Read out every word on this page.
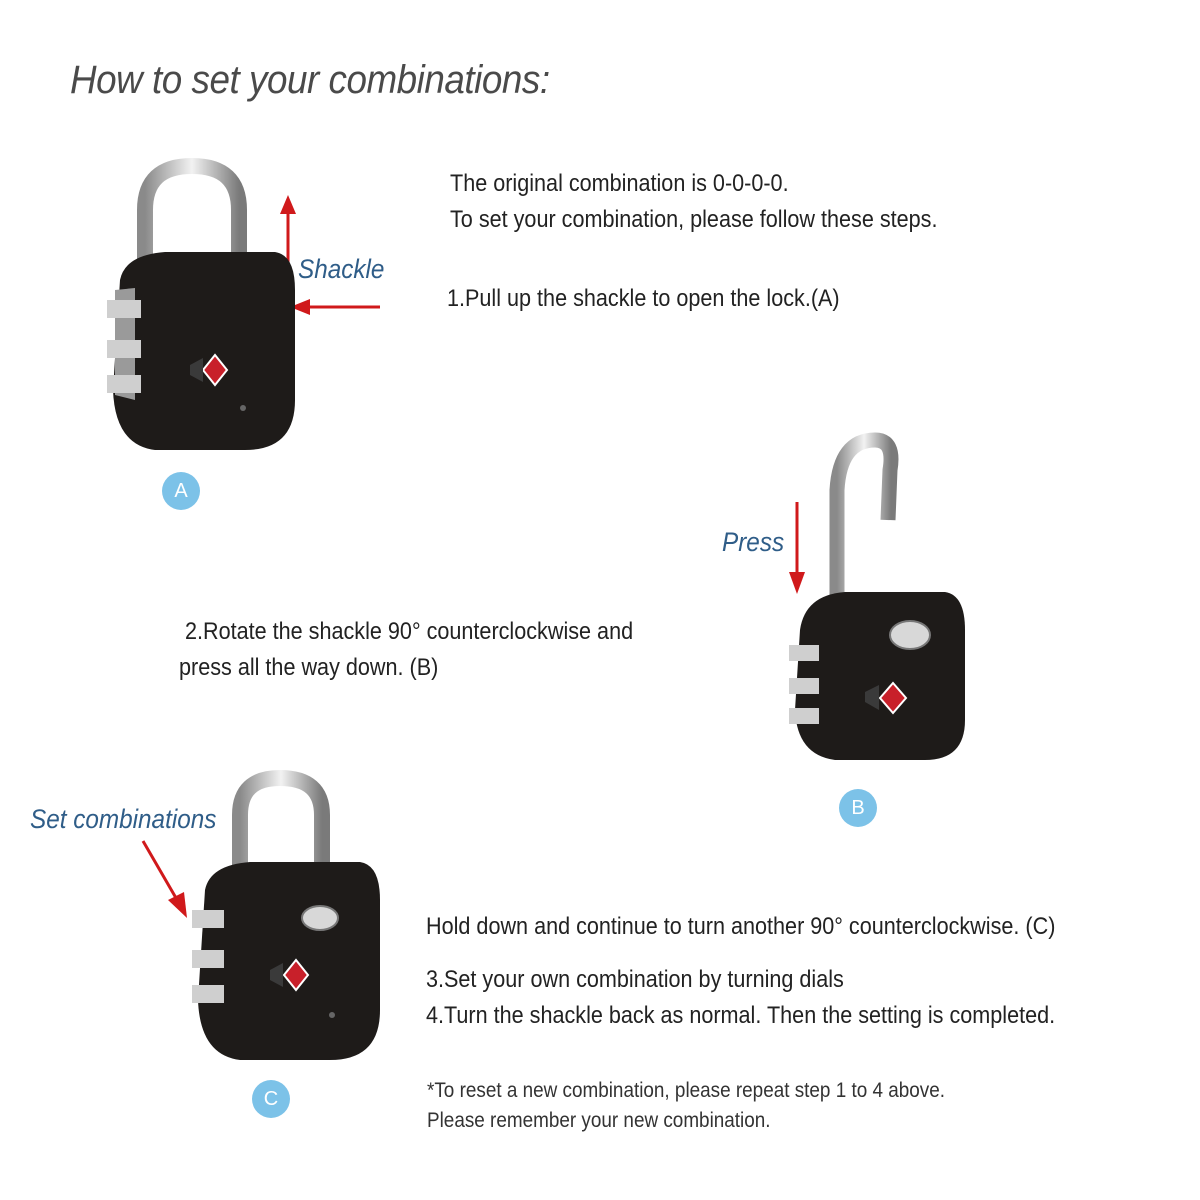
How to set your combinations:
The original combination is 0-0-0-0.
To set your combination, please follow these steps.
1.Pull up the shackle to open the lock.(A)
2.Rotate the shackle 90° counterclockwise and
press all the way down. (B)
Hold down and continue to turn another 90° counterclockwise. (C)
3.Set your own combination by turning dials
4.Turn the shackle back as normal. Then the setting is completed.
*To reset a new combination, please repeat step 1 to 4 above.
Please remember your new combination.
Shackle
Press
Set combinations
A
B
C
